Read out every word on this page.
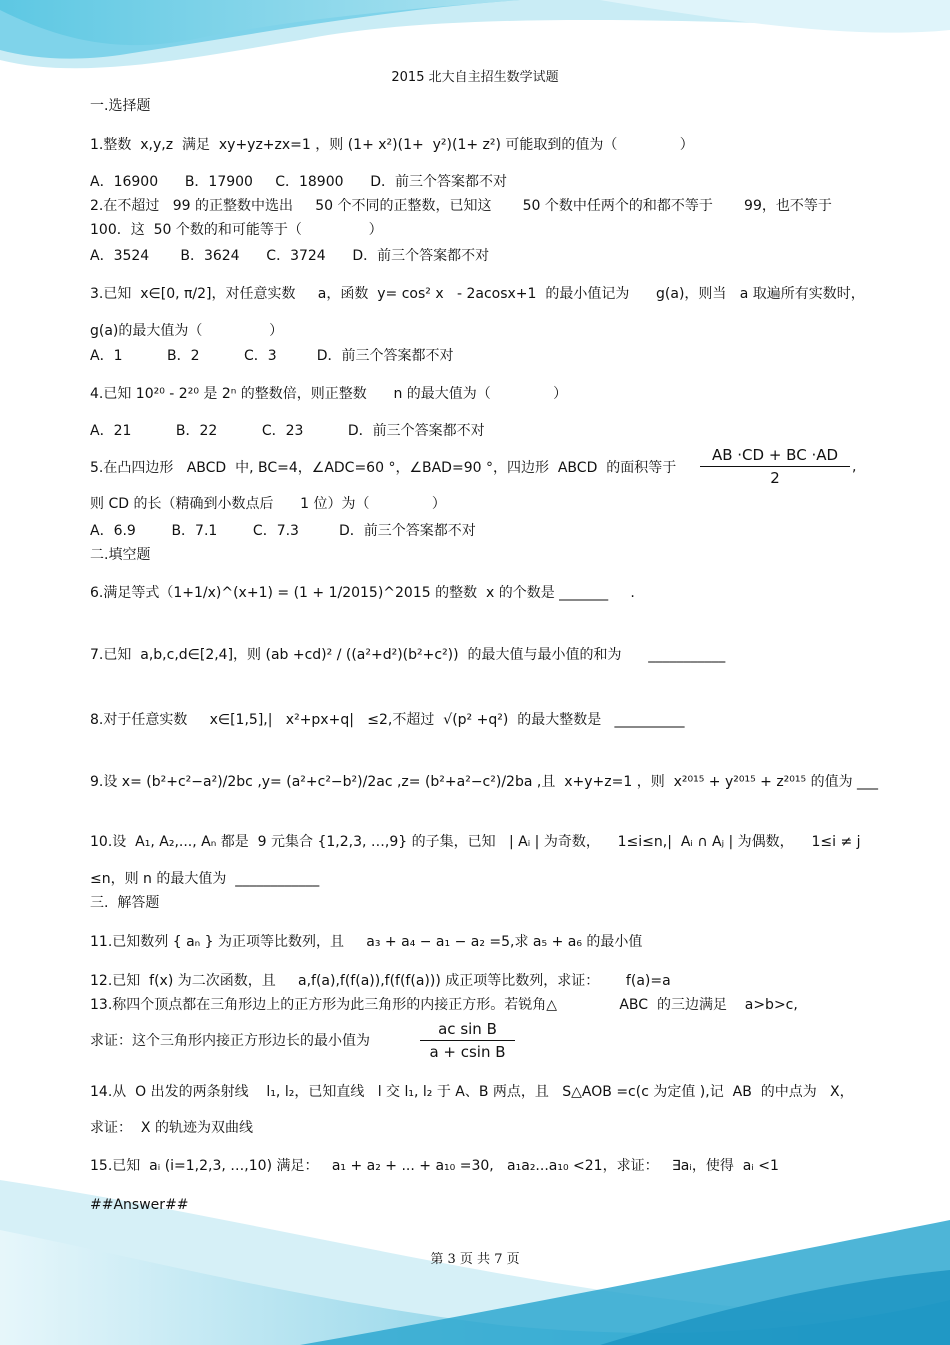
2015 北大自主招生数学试题
一.选择题
1.整数  x,y,z  满足  xy+yz+zx=1 ，则 (1+ x²)(1+  y²)(1+ z²) 可能取到的值为（              ）
A．16900      B．17900     C．18900      D．前三个答案都不对
2.在不超过   99 的正整数中选出     50 个不同的正整数，已知这       50 个数中任两个的和都不等于       99，也不等于
100．这  50 个数的和可能等于（               ）
A．3524       B．3624      C．3724      D．前三个答案都不对
3.已知  x∈[0, π/2]，对任意实数     a，函数  y= cos² x   - 2acosx+1  的最小值记为      g(a)，则当   a 取遍所有实数时，
g(a)的最大值为（               ）
A．1          B．2          C．3         D．前三个答案都不对
4.已知 10²⁰ - 2²⁰ 是 2ⁿ 的整数倍，则正整数      n 的最大值为（              ）
A．21          B．22          C．23          D．前三个答案都不对
5.在凸四边形   ABCD  中, BC=4，∠ADC=60 °，∠BAD=90 °，四边形  ABCD  的面积等于 $\frac{AB \cdot CD + BC \cdot AD}{2}$ ,
则 CD 的长（精确到小数点后      1 位）为（              ）
A．6.9        B．7.1        C．7.3         D．前三个答案都不对
二.填空题
6.满足等式（1+1/x)^(x+1) = (1 + 1/2015)^2015 的整数  x 的个数是 _______     .
7.已知  a,b,c,d∈[2,4]，则 (ab +cd)² / ((a²+d²)(b²+c²))  的最大值与最小值的和为      ___________
8.对于任意实数     x∈[1,5],|   x²+px+q|   ≤2,不超过  √(p² +q²)  的最大整数是   __________
9.设 x= (b²+c²−a²)/2bc ,y= (a²+c²−b²)/2ac ,z= (b²+a²−c²)/2ba ,且  x+y+z=1 ，则  x²⁰¹⁵ + y²⁰¹⁵ + z²⁰¹⁵ 的值为 ___
10.设  A₁, A₂,..., Aₙ 都是  9 元集合 {1,2,3, …,9} 的子集，已知   | Aᵢ | 为奇数，    1≤i≤n,|  Aᵢ ∩ Aⱼ | 为偶数，    1≤i ≠ j
≤n，则 n 的最大值为  ____________
三.  解答题
11.已知数列 { aₙ } 为正项等比数列，且     a₃ + a₄ − a₁ − a₂ =5,求 a₅ + a₆ 的最小值
12.已知  f(x) 为二次函数，且     a,f(a),f(f(a)),f(f(f(a))) 成正项等比数列，求证：      f(a)=a
13.称四个顶点都在三角形边上的正方形为此三角形的内接正方形。若锐角△              ABC  的三边满足    a>b>c,
求证：这个三角形内接正方形边长的最小值为	$\frac{\text{ac sin B}}{\text{a + csin B}}$
14.从  O 出发的两条射线    l₁, l₂，已知直线   l 交 l₁, l₂ 于 A、B 两点，且   S△AOB =c(c 为定值 ),记  AB  的中点为   X，
求证：  X 的轨迹为双曲线
15.已知  aᵢ (i=1,2,3, …,10) 满足：   a₁ + a₂ + ... + a₁₀ =30,   a₁a₂...a₁₀ <21，求证：   ∃aᵢ，使得  aᵢ <1
##Answer##
第 3 页 共 7 页
